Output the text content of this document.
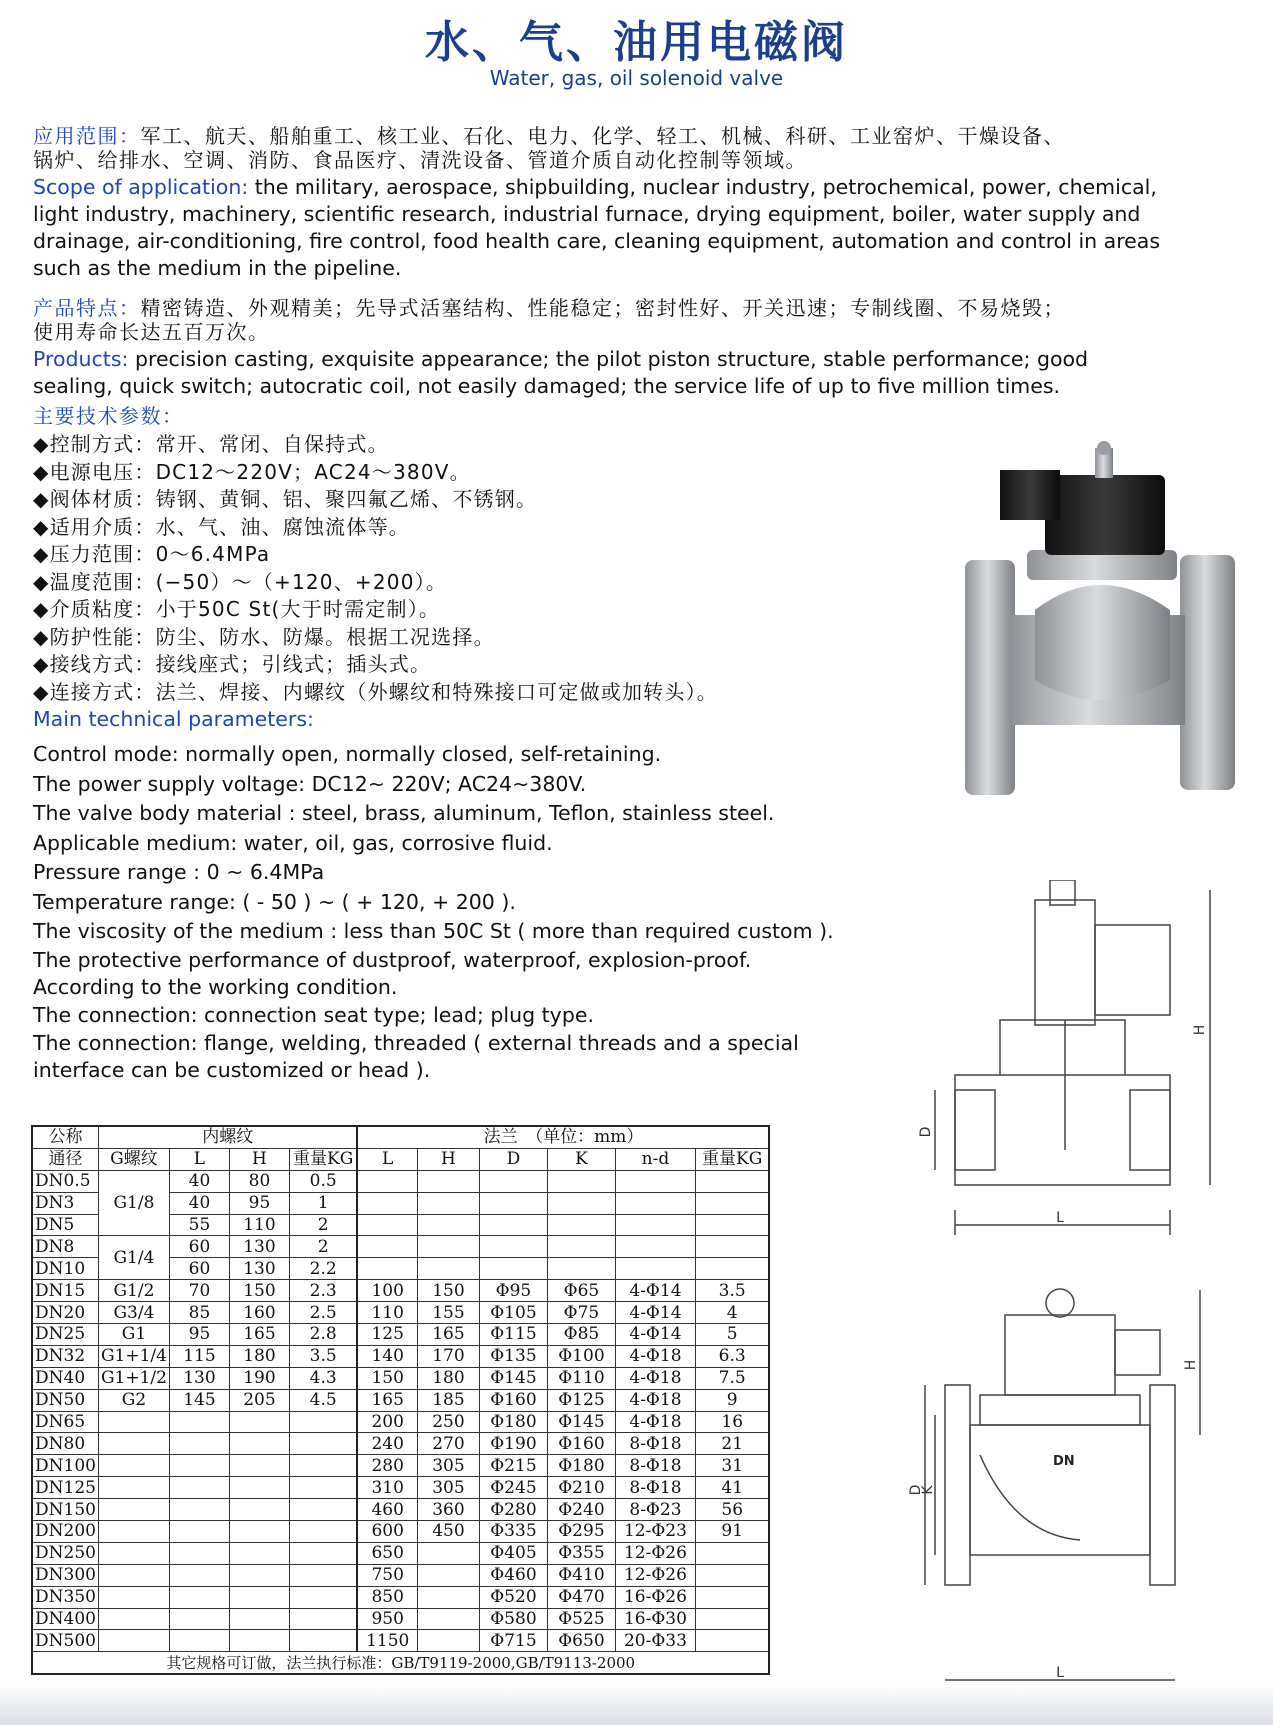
水、气、油用电磁阀
Water, gas, oil solenoid valve

应用范围：军工、航天、船舶重工、核工业、石化、电力、化学、轻工、机械、科研、工业窑炉、干燥设备、

锅炉、给排水、空调、消防、食品医疗、清洗设备、管道介质自动化控制等领域。

Scope of application: the military, aerospace, shipbuilding, nuclear industry, petrochemical, power, chemical,

light industry, machinery, scientific research, industrial furnace, drying equipment, boiler, water supply and

drainage, air-conditioning, fire control, food health care, cleaning equipment, automation and control in areas

such as the medium in the pipeline.

产品特点：精密铸造、外观精美；先导式活塞结构、性能稳定；密封性好、开关迅速；专制线圈、不易烧毁；

使用寿命长达五百万次。

Products: precision casting, exquisite appearance; the pilot piston structure, stable performance; good

sealing, quick switch; autocratic coil, not easily damaged; the service life of up to five million times.

主要技术参数：

◆控制方式：常开、常闭、自保持式。
◆电源电压：DC12～220V；AC24～380V。
◆阀体材质：铸钢、黄铜、铝、聚四氟乙烯、不锈钢。
◆适用介质：水、气、油、腐蚀流体等。
◆压力范围：0～6.4MPa
◆温度范围：(−50）～（+120、+200）。
◆介质粘度：小于50C St(大于时需定制）。
◆防护性能：防尘、防水、防爆。根据工况选择。
◆接线方式：接线座式；引线式；插头式。
◆连接方式：法兰、焊接、内螺纹（外螺纹和特殊接口可定做或加转头）。
Main technical parameters:
Control mode: normally open, normally closed, self-retaining.
The power supply voltage: DC12~ 220V; AC24~380V.
The valve body material : steel, brass, aluminum, Teflon, stainless steel.
Applicable medium: water, oil, gas, corrosive fluid.
Pressure range : 0 ~ 6.4MPa
Temperature range: ( - 50 ) ~ ( + 120, + 200 ).
The viscosity of the medium : less than 50C St ( more than required custom ).
The protective performance of dustproof, waterproof, explosion-proof.
According to the working condition.
The connection: connection seat type; lead; plug type.
The connection: flange, welding, threaded ( external threads and a special
interface can be customized or head ).
H
D
L
DN
H
D
K
L
公称	内螺纹				法兰　（单位：mm）					
通径	G螺纹	L	H	重量KG	L	H	D	K	n-d	重量KG
DN0.5	G1/8	40	80	0.5						
DN3		40	95	1						
DN5		55	110	2						
DN8	G1/4	60	130	2						
DN10		60	130	2.2						
DN15	G1/2	70	150	2.3	100	150	Φ95	Φ65	4-Φ14	3.5
DN20	G3/4	85	160	2.5	110	155	Φ105	Φ75	4-Φ14	4
DN25	G1	95	165	2.8	125	165	Φ115	Φ85	4-Φ14	5
DN32	G1+1/4	115	180	3.5	140	170	Φ135	Φ100	4-Φ18	6.3
DN40	G1+1/2	130	190	4.3	150	180	Φ145	Φ110	4-Φ18	7.5
DN50	G2	145	205	4.5	165	185	Φ160	Φ125	4-Φ18	9
DN65					200	250	Φ180	Φ145	4-Φ18	16
DN80					240	270	Φ190	Φ160	8-Φ18	21
DN100					280	305	Φ215	Φ180	8-Φ18	31
DN125					310	305	Φ245	Φ210	8-Φ18	41
DN150					460	360	Φ280	Φ240	8-Φ23	56
DN200					600	450	Φ335	Φ295	12-Φ23	91
DN250					650		Φ405	Φ355	12-Φ26	
DN300					750		Φ460	Φ410	12-Φ26	
DN350					850		Φ520	Φ470	16-Φ26	
DN400					950		Φ580	Φ525	16-Φ30	
DN500					1150		Φ715	Φ650	20-Φ33	
其它规格可订做，法兰执行标准：GB/T9119-2000,GB/T9113-2000										
